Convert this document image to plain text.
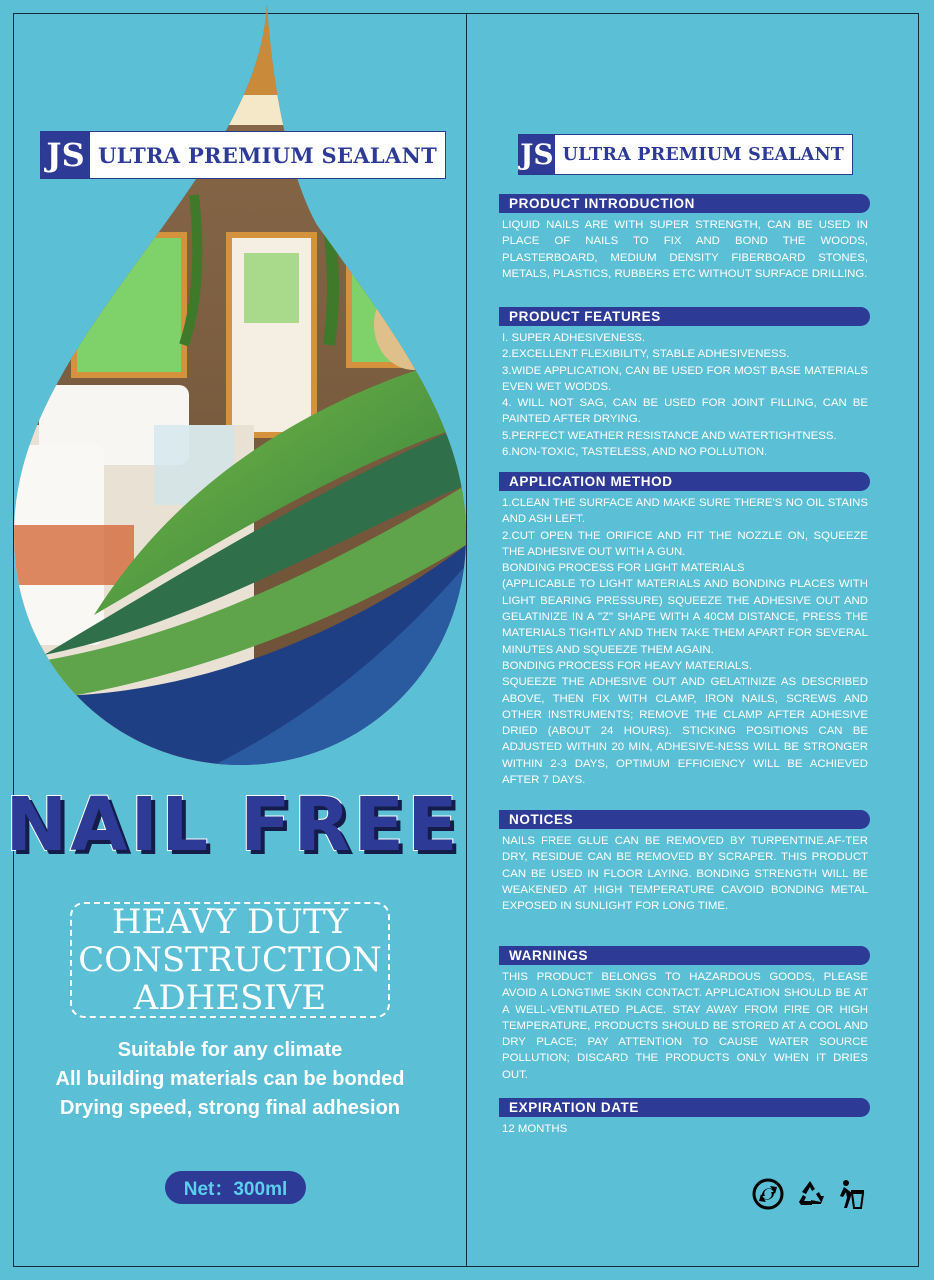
JS ULTRA PREMIUM SEALANT
NAIL FREE
HEAVY DUTY
CONSTRUCTION
ADHESIVE
Suitable for any climate
All building materials can be bonded
Drying speed, strong final adhesion
Net：300ml
JS ULTRA PREMIUM SEALANT
PRODUCT INTRODUCTION

LIQUID NAILS ARE WITH SUPER STRENGTH, CAN BE USED IN PLACE OF NAILS TO FIX AND BOND THE WOODS, PLASTERBOARD, MEDIUM DENSITY FIBERBOARD STONES, METALS, PLASTICS, RUBBERS ETC WITHOUT SURFACE DRILLING.

PRODUCT FEATURES

I. SUPER ADHESIVENESS.

2.EXCELLENT FLEXIBILITY, STABLE ADHESIVENESS.

3.WIDE APPLICATION, CAN BE USED FOR MOST BASE MATERIALS EVEN WET WODDS.

4. WILL NOT SAG, CAN BE USED FOR JOINT FILLING, CAN BE PAINTED AFTER DRYING.

5.PERFECT WEATHER RESISTANCE AND WATERTIGHTNESS.

6.NON-TOXIC, TASTELESS, AND NO POLLUTION.

APPLICATION METHOD

1.CLEAN THE SURFACE AND MAKE SURE THERE'S NO OIL STAINS AND ASH LEFT.

2.CUT OPEN THE ORIFICE AND FIT THE NOZZLE ON, SQUEEZE THE ADHESIVE OUT WITH A GUN.

BONDING PROCESS FOR LIGHT MATERIALS

(APPLICABLE TO LIGHT MATERIALS AND BONDING PLACES WITH LIGHT BEARING PRESSURE) SQUEEZE THE ADHESIVE OUT AND GELATINIZE IN A "Z" SHAPE WITH A 40CM DISTANCE, PRESS THE MATERIALS TIGHTLY AND THEN TAKE THEM APART FOR SEVERAL MINUTES AND SQUEEZE THEM AGAIN.

BONDING PROCESS FOR HEAVY MATERIALS.

SQUEEZE THE ADHESIVE OUT AND GELATINIZE AS DESCRIBED ABOVE, THEN FIX WITH CLAMP, IRON NAILS, SCREWS AND OTHER INSTRUMENTS; REMOVE THE CLAMP AFTER ADHESIVE DRIED (ABOUT 24 HOURS). STICKING POSITIONS CAN BE ADJUSTED WITHIN 20 MIN, ADHESIVE-NESS WILL BE STRONGER WITHIN 2-3 DAYS, OPTIMUM EFFICIENCY WILL BE ACHIEVED AFTER 7 DAYS.

NOTICES

NAILS FREE GLUE CAN BE REMOVED BY TURPENTINE.AF-TER DRY, RESIDUE CAN BE REMOVED BY SCRAPER. THIS PRODUCT CAN BE USED IN FLOOR LAYING. BONDING STRENGTH WILL BE WEAKENED AT HIGH TEMPERATURE CAVOID BONDING METAL EXPOSED IN SUNLIGHT FOR LONG TIME.

WARNINGS

THIS PRODUCT BELONGS TO HAZARDOUS GOODS, PLEASE AVOID A LONGTIME SKIN CONTACT. APPLICATION SHOULD BE AT A WELL-VENTILATED PLACE. STAY AWAY FROM FIRE OR HIGH TEMPERATURE, PRODUCTS SHOULD BE STORED AT A COOL AND DRY PLACE; PAY ATTENTION TO CAUSE WATER SOURCE POLLUTION; DISCARD THE PRODUCTS ONLY WHEN IT DRIES OUT.

EXPIRATION DATE

12 MONTHS
